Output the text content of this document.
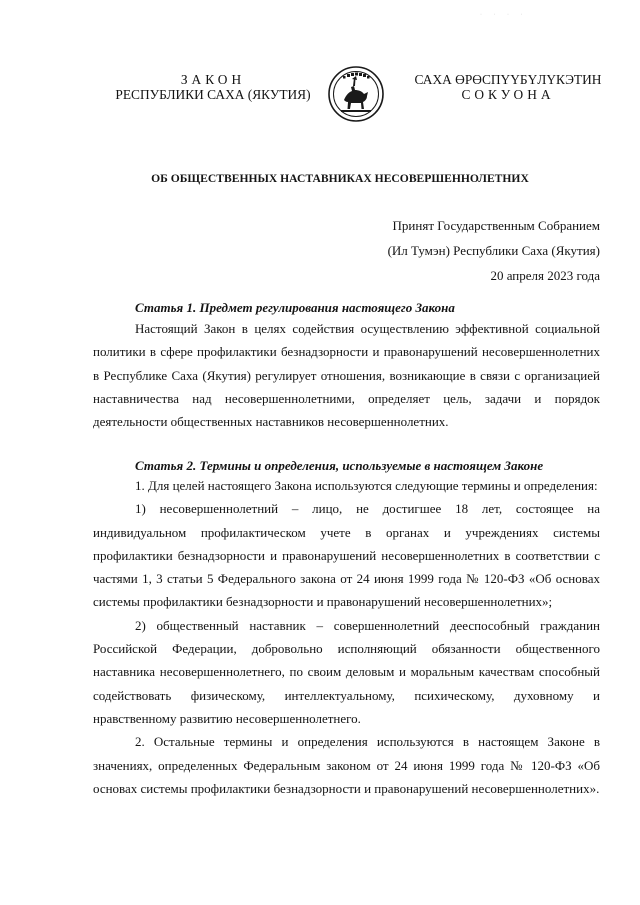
· · · ·
ЗАКОН
РЕСПУБЛИКИ САХА (ЯКУТИЯ)
САХА ӨРӨСПҮҮБҮЛҮКЭТИН
СОКУОНА
ОБ ОБЩЕСТВЕННЫХ НАСТАВНИКАХ НЕСОВЕРШЕННОЛЕТНИХ
Принят Государственным Собранием
(Ил Тумэн) Республики Саха (Якутия)
20 апреля 2023 года
Статья 1. Предмет регулирования настоящего Закона

Настоящий Закон в целях содействия осуществлению эффективной социальной политики в сфере профилактики безнадзорности и правонарушений несовершеннолетних в Республике Саха (Якутия) регулирует отношения, возникающие в связи с организацией наставничества над несовершеннолетними, определяет цель, задачи и порядок деятельности общественных наставников несовершеннолетних.

Статья 2. Термины и определения, используемые в настоящем Законе

1. Для целей настоящего Закона используются следующие термины и определения:

1) несовершеннолетний – лицо, не достигшее 18 лет, состоящее на индивидуальном профилактическом учете в органах и учреждениях системы профилактики безнадзорности и правонарушений несовершеннолетних в соответствии с частями 1, 3 статьи 5 Федерального закона от 24 июня 1999 года № 120-ФЗ «Об основах системы профилактики безнадзорности и правонарушений несовершеннолетних»;

2) общественный наставник – совершеннолетний дееспособный гражданин Российской Федерации, добровольно исполняющий обязанности общественного наставника несовершеннолетнего, по своим деловым и моральным качествам способный содействовать физическому, интеллектуальному, психическому, духовному и нравственному развитию несовершеннолетнего.

2. Остальные термины и определения используются в настоящем Законе в значениях, определенных Федеральным законом от 24 июня 1999 года № 120-ФЗ «Об основах системы профилактики безнадзорности и правонарушений несовершеннолетних».
